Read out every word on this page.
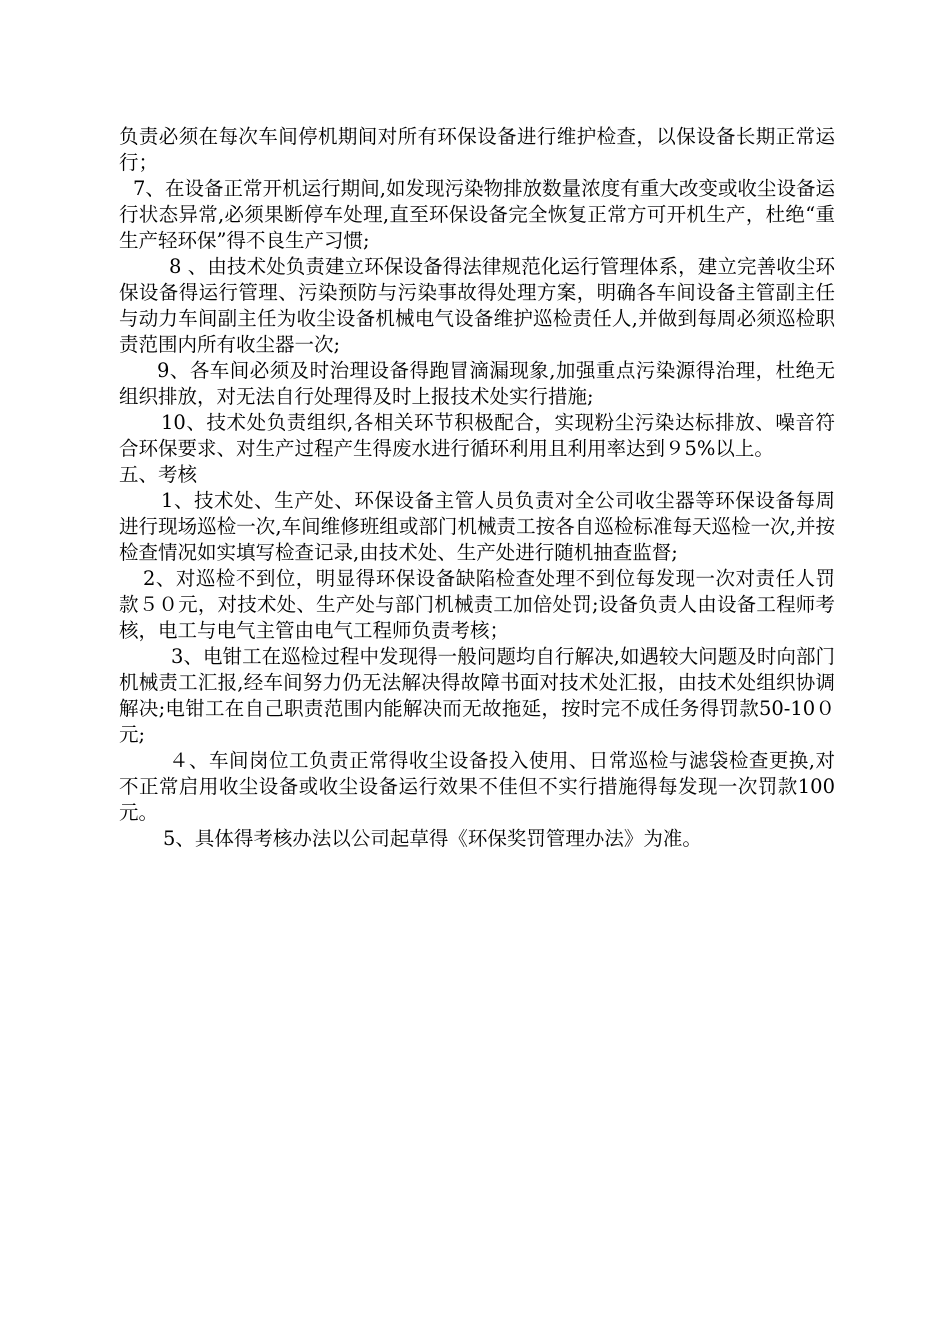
负责必须在每次车间停机期间对所有环保设备进行维护检查，以保设备长期正常运行；

7、在设备正常开机运行期间,如发现污染物排放数量浓度有重大改变或收尘设备运行状态异常,必须果断停车处理,直至环保设备完全恢复正常方可开机生产，杜绝“重生产轻环保”得不良生产习惯;

8 、由技术处负责建立环保设备得法律规范化运行管理体系，建立完善收尘环保设备得运行管理、污染预防与污染事故得处理方案，明确各车间设备主管副主任与动力车间副主任为收尘设备机械电气设备维护巡检责任人,并做到每周必须巡检职责范围内所有收尘器一次;

9、各车间必须及时治理设备得跑冒滴漏现象,加强重点污染源得治理，杜绝无组织排放，对无法自行处理得及时上报技术处实行措施;

10、技术处负责组织,各相关环节积极配合，实现粉尘污染达标排放、噪音符合环保要求、对生产过程产生得废水进行循环利用且利用率达到９5%以上。

五、考核

1、技术处、生产处、环保设备主管人员负责对全公司收尘器等环保设备每周进行现场巡检一次,车间维修班组或部门机械责工按各自巡检标准每天巡检一次,并按检查情况如实填写检查记录,由技术处、生产处进行随机抽查监督;

2、对巡检不到位，明显得环保设备缺陷检查处理不到位每发现一次对责任人罚款５０元，对技术处、生产处与部门机械责工加倍处罚;设备负责人由设备工程师考核，电工与电气主管由电气工程师负责考核；

3、电钳工在巡检过程中发现得一般问题均自行解决,如遇较大问题及时向部门机械责工汇报,经车间努力仍无法解决得故障书面对技术处汇报，由技术处组织协调解决;电钳工在自己职责范围内能解决而无故拖延，按时完不成任务得罚款50-10０元;

４、车间岗位工负责正常得收尘设备投入使用、日常巡检与滤袋检查更换,对不正常启用收尘设备或收尘设备运行效果不佳但不实行措施得每发现一次罚款100元。

5、具体得考核办法以公司起草得《环保奖罚管理办法》为准。
